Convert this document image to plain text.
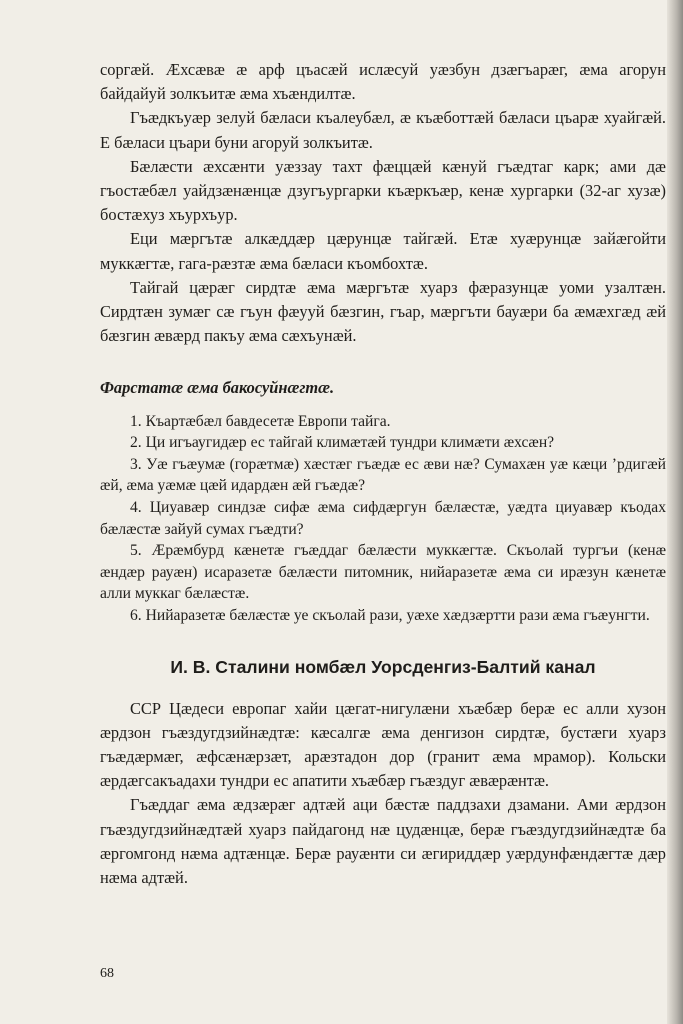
соргæй. Æхсæвæ æ арф цъасæй ислæсуй уæзбун дзæгъарæг, æма агорун байдайуй золкъитæ æма хъæндилтæ.

Гъæдкъуæр зелуй бæласи къалеубæл, æ къæботтæй бæласи цъарæ хуайгæй. Е бæласи цъари буни агоруй золкъитæ.

Бæлæсти æхсæнти уæззау тахт фæццæй кæнуй гъæдтаг карк; ами дæ гъостæбæл уайдзæнæнцæ дзугъургарки къæркъæр, кенæ хургарки (32-аг хузæ) бостæхуз хъурхъур.

Еци мæргътæ алкæддæр цæрунцæ тайгæй. Етæ хуæрунцæ зайæгойти муккæгтæ, гага-рæзтæ æма бæласи къомбохтæ.

Тайгай цæрæг сирдтæ æма мæргътæ хуарз фæразунцæ уоми узалтæн. Сирдтæн зумæг сæ гъун фæууй бæзгин, гъар, мæргъти бауæри ба æмæхгæд æй бæзгин æвæрд пакъу æма сæхъунæй.

Фарстатæ æма бакосуйнæгтæ.

1. Къартæбæл бавдесетæ Европи тайга.

2. Ци игъаугидæр ес тайгай климæтæй тундри климæти æхсæн?

3. Уæ гъæумæ (горæтмæ) хæстæг гъæдæ ес æви нæ? Сумахæн уæ кæци ’рдигæй æй, æма уæмæ цæй идардæн æй гъæдæ?

4. Циуавæр синдзæ сифæ æма сифдæргун бæлæстæ, уæдта циуавæр къодах бæлæстæ зайуй сумах гъæдти?

5. Æрæмбурд кæнетæ гъæддаг бæлæсти муккæгтæ. Скъолай тургъи (кенæ æндæр рауæн) исаразетæ бæлæсти питомник, нийаразетæ æма си ирæзун кæнетæ алли муккаг бæлæстæ.

6. Нийаразетæ бæлæстæ уе скъолай рази, уæхе хæдзæртти рази æма гъæунгти.

И. В. Сталини номбæл Уорсденгиз-Балтий канал

ССР Цæдеси европаг хайи цæгат-нигулæни хъæбæр берæ ес алли хузон æрдзон гъæздугдзийнæдтæ: кæсалгæ æма денгизон сирдтæ, бустæги хуарз гъæдæрмæг, æфсæнæрзæт, арæзтадон дор (гранит æма мрамор). Кольски æрдæгсакъадахи тундри ес апатити хъæбæр гъæздуг æвæрæнтæ.

Гъæддаг æма æдзæрæг адтæй аци бæстæ паддзахи дзамани. Ами æрдзон гъæздугдзийнæдтæй хуарз пайдагонд нæ цудæнцæ, берæ гъæздугдзийнæдтæ ба æргомгонд нæма адтæнцæ. Берæ рауæнти си æгириддæр уæрдунфæндæгтæ дæр нæма адтæй.

68
